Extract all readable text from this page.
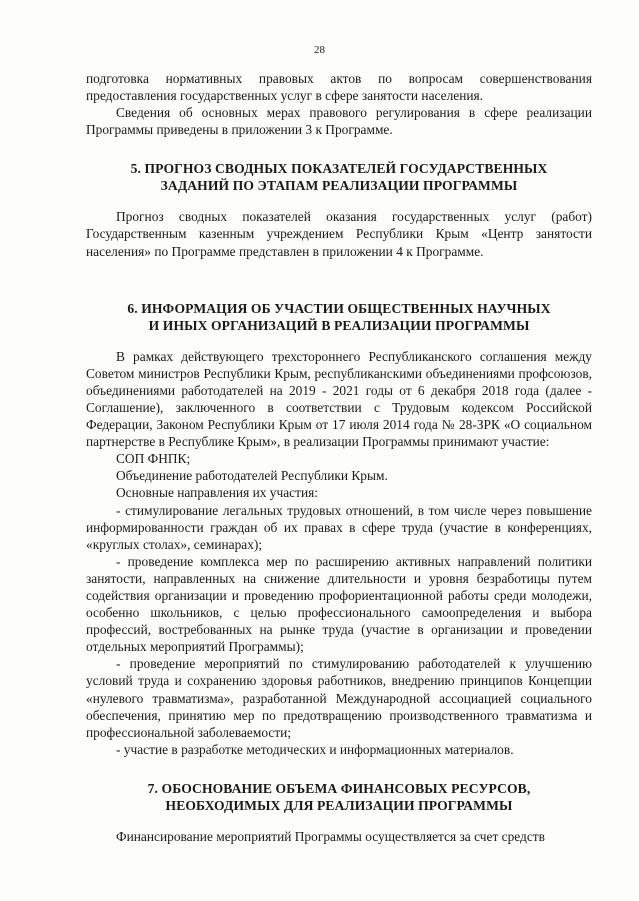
28

подготовка нормативных правовых актов по вопросам совершенствования предоставления государственных услуг в сфере занятости населения.

Сведения об основных мерах правового регулирования в сфере реализации Программы приведены в приложении 3 к Программе.

5. ПРОГНОЗ СВОДНЫХ ПОКАЗАТЕЛЕЙ ГОСУДАРСТВЕННЫХ
ЗАДАНИЙ ПО ЭТАПАМ РЕАЛИЗАЦИИ ПРОГРАММЫ

Прогноз сводных показателей оказания государственных услуг (работ) Государственным казенным учреждением Республики Крым «Центр занятости населения» по Программе представлен в приложении 4 к Программе.

6. ИНФОРМАЦИЯ ОБ УЧАСТИИ ОБЩЕСТВЕННЫХ НАУЧНЫХ
И ИНЫХ ОРГАНИЗАЦИЙ В РЕАЛИЗАЦИИ ПРОГРАММЫ

В рамках действующего трехстороннего Республиканского соглашения между Советом министров Республики Крым, республиканскими объединениями профсоюзов, объединениями работодателей на 2019 - 2021 годы от 6 декабря 2018 года (далее - Соглашение), заключенного в соответствии с Трудовым кодексом Российской Федерации, Законом Республики Крым от 17 июля 2014 года № 28-ЗРК «О социальном партнерстве в Республике Крым», в реализации Программы принимают участие:

СОП ФНПК;

Объединение работодателей Республики Крым.

Основные направления их участия:

- стимулирование легальных трудовых отношений, в том числе через повышение информированности граждан об их правах в сфере труда (участие в конференциях, «круглых столах», семинарах);

- проведение комплекса мер по расширению активных направлений политики занятости, направленных на снижение длительности и уровня безработицы путем содействия организации и проведению профориентационной работы среди молодежи, особенно школьников, с целью профессионального самоопределения и выбора профессий, востребованных на рынке труда (участие в организации и проведении отдельных мероприятий Программы);

- проведение мероприятий по стимулированию работодателей к улучшению условий труда и сохранению здоровья работников, внедрению принципов Концепции «нулевого травматизма», разработанной Международной ассоциацией социального обеспечения, принятию мер по предотвращению производственного травматизма и профессиональной заболеваемости;

- участие в разработке методических и информационных материалов.

7. ОБОСНОВАНИЕ ОБЪЕМА ФИНАНСОВЫХ РЕСУРСОВ,
НЕОБХОДИМЫХ ДЛЯ РЕАЛИЗАЦИИ ПРОГРАММЫ

Финансирование мероприятий Программы осуществляется за счет средств
